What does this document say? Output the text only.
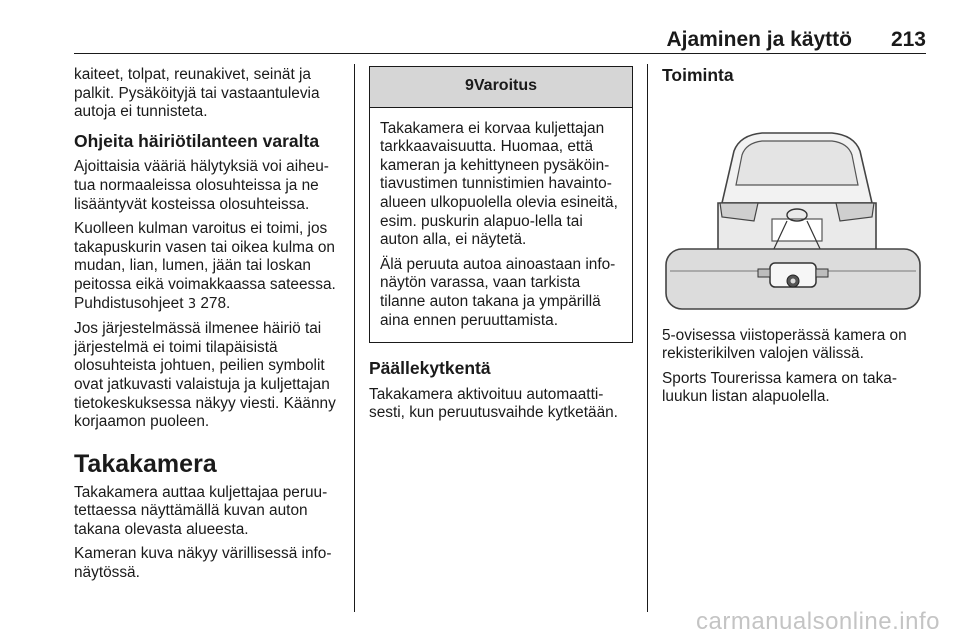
Ajaminen ja käyttö 213

kaiteet, tolpat, reunakivet, seinät ja palkit. Pysäköityjä tai vastaantulevia autoja ei tunnisteta.

Ohjeita häiriötilanteen varalta

Ajoittaisia vääriä hälytyksiä voi aiheu-tua normaaleissa olosuhteissa ja ne lisääntyvät kosteissa olosuhteissa.

Kuolleen kulman varoitus ei toimi, jos takapuskurin vasen tai oikea kulma on mudan, lian, lumen, jään tai loskan peitossa eikä voimakkaassa sateessa. Puhdistusohjeet 3 278.

Jos järjestelmässä ilmenee häiriö tai järjestelmä ei toimi tilapäisistä olosuhteista johtuen, peilien symbolit ovat jatkuvasti valaistuja ja kuljettajan tietokeskuksessa näkyy viesti. Käänny korjaamon puoleen.

Takakamera

Takakamera auttaa kuljettajaa peruu-tettaessa näyttämällä kuvan auton takana olevasta alueesta.

Kameran kuva näkyy värillisessä info-näytössä.

9Varoitus

Takakamera ei korvaa kuljettajan tarkkaavaisuutta. Huomaa, että kameran ja kehittyneen pysäköin-tiavustimen tunnistimien havainto-alueen ulkopuolella olevia esineitä, esim. puskurin alapuo-lella tai auton alla, ei näytetä.

Älä peruuta autoa ainoastaan info-näytön varassa, vaan tarkista tilanne auton takana ja ympärillä aina ennen peruuttamista.

Päällekytkentä

Takakamera aktivoituu automaatti-sesti, kun peruutusvaihde kytketään.

Toiminta

5-ovisessa viistoperässä kamera on rekisterikilven valojen välissä.

Sports Tourerissa kamera on taka-luukun listan alapuolella.

carmanualsonline.info
